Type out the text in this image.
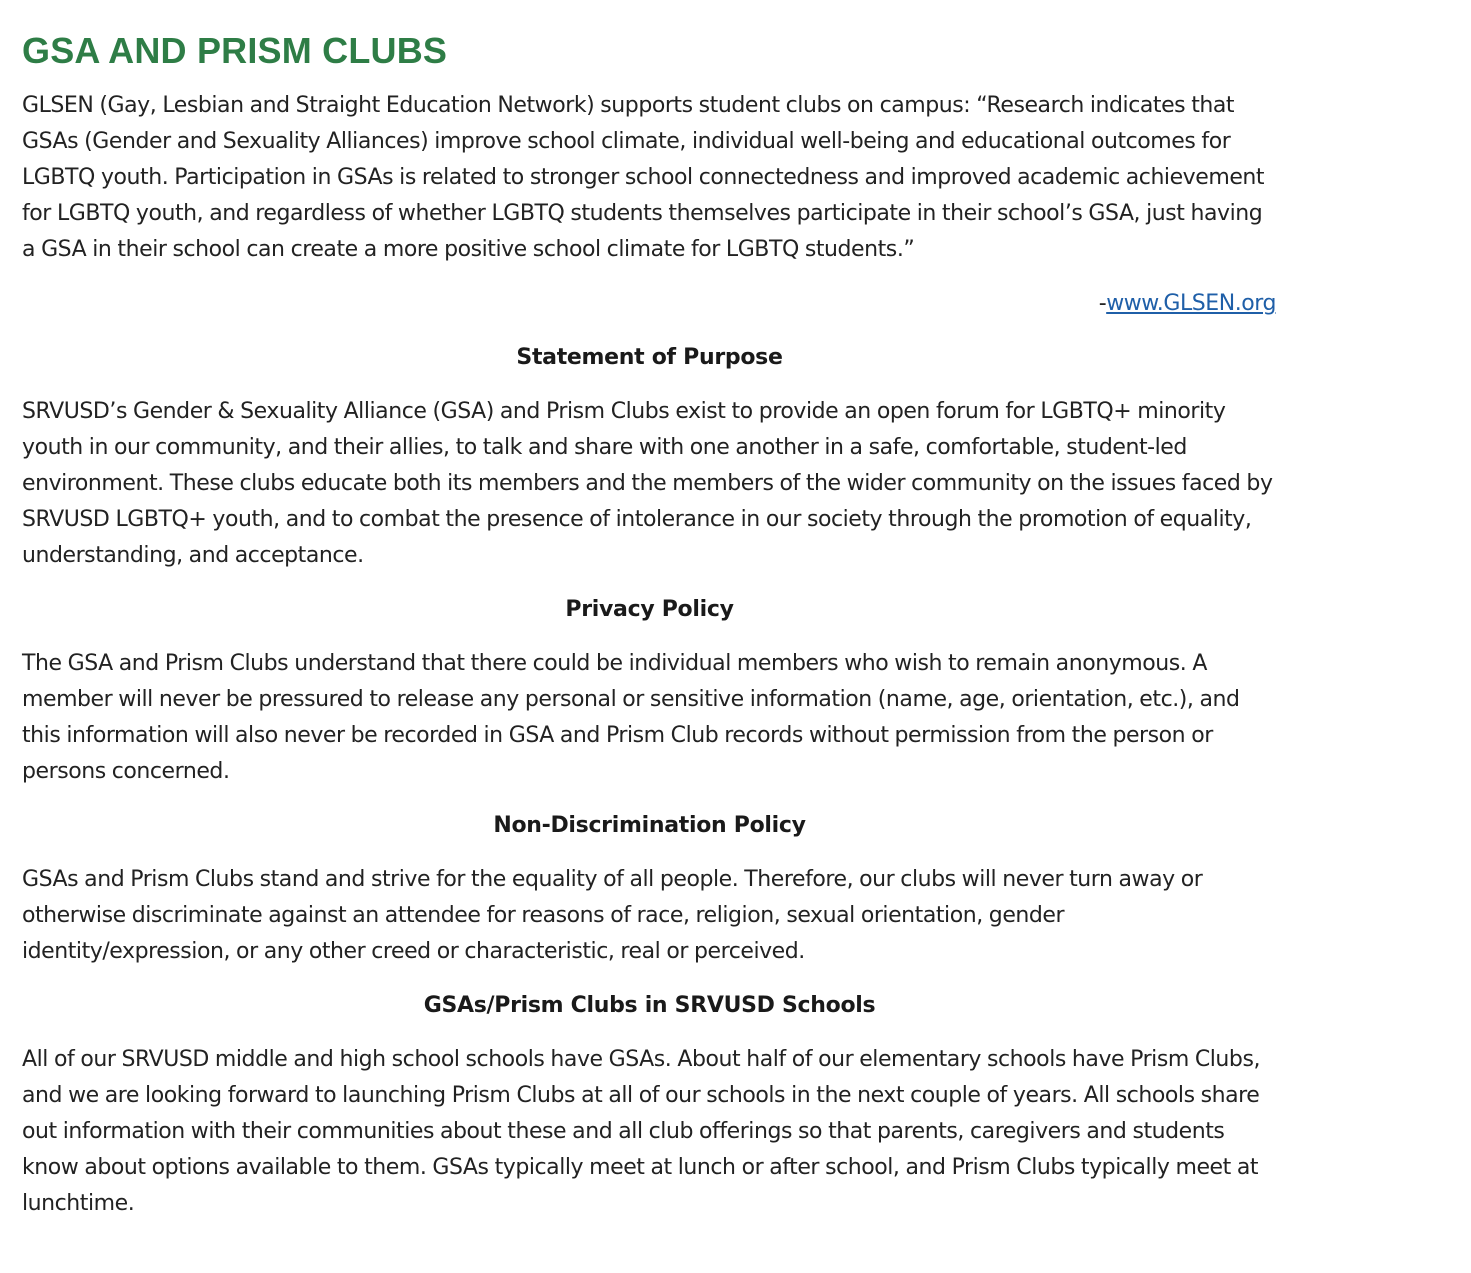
GSA AND PRISM CLUBS

GLSEN (Gay, Lesbian and Straight Education Network) supports student clubs on campus: “Research indicates that GSAs (Gender and Sexuality Alliances) improve school climate, individual well-being and educational outcomes for LGBTQ youth. Participation in GSAs is related to stronger school connectedness and improved academic achievement for LGBTQ youth, and regardless of whether LGBTQ students themselves participate in their school’s GSA, just having a GSA in their school can create a more positive school climate for LGBTQ students.”

-www.GLSEN.org
Statement of Purpose

SRVUSD’s Gender & Sexuality Alliance (GSA) and Prism Clubs exist to provide an open forum for LGBTQ+ minority youth in our community, and their allies, to talk and share with one another in a safe, comfortable, student-led environment. These clubs educate both its members and the members of the wider community on the issues faced by SRVUSD LGBTQ+ youth, and to combat the presence of intolerance in our society through the promotion of equality, understanding, and acceptance.

Privacy Policy

The GSA and Prism Clubs understand that there could be individual members who wish to remain anonymous. A member will never be pressured to release any personal or sensitive information (name, age, orientation, etc.), and this information will also never be recorded in GSA and Prism Club records without permission from the person or persons concerned.

Non-Discrimination Policy

GSAs and Prism Clubs stand and strive for the equality of all people. Therefore, our clubs will never turn away or otherwise discriminate against an attendee for reasons of race, religion, sexual orientation, gender identity/expression, or any other creed or characteristic, real or perceived.

GSAs/Prism Clubs in SRVUSD Schools

All of our SRVUSD middle and high school schools have GSAs. About half of our elementary schools have Prism Clubs, and we are looking forward to launching Prism Clubs at all of our schools in the next couple of years. All schools share out information with their communities about these and all club offerings so that parents, caregivers and students know about options available to them. GSAs typically meet at lunch or after school, and Prism Clubs typically meet at lunchtime.
